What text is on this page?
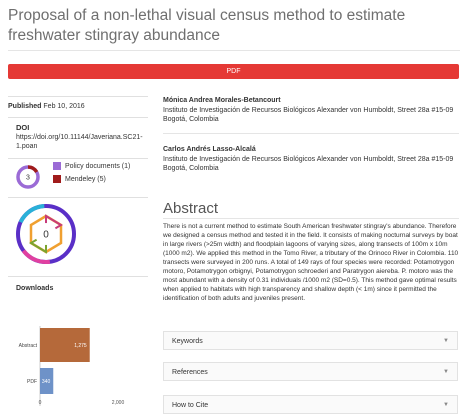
Proposal of a non-lethal visual census method to estimate freshwater stingray abundance
PDF
Published Feb 10, 2016
DOI
https://doi.org/10.11144/Javeriana.SC21-1.poan
3
Policy documents (1)
Mendeley (5)
0
Downloads
Abstract	1,275
PDF 340
0	2,000
Mónica Andrea Morales-Betancourt
Instituto de Investigación de Recursos Biológicos Alexander von Humboldt, Street 28a #15-09 Bogotá, Colombia
Carlos Andrés Lasso-Alcalá
Instituto de Investigación de Recursos Biológicos Alexander von Humboldt, Street 28a #15-09 Bogotá, Colombia
Abstract

There is not a current method to estimate South American freshwater stingray's abundance. Therefore we designed a census method and tested it in the field. It consists of making nocturnal surveys by boat in large rivers (>25m width) and floodplain lagoons of varying sizes, along transects of 100m x 10m (1000 m2). We applied this method in the Tomo River, a tributary of the Orinoco River in Colombia. 110 transects were surveyed in 200 runs. A total of 149 rays of four species were recorded: Potamotrygon motoro, Potamotrygon orbignyi, Potamotrygon schroederi and Paratrygon aiereba. P. motoro was the most abundant with a density of 0.31 individuals /1000 m2 (SD=0.5). This method gave optimal results when applied to habitats with high transparency and shallow depth (< 1m) since it permitted the identification of both adults and juveniles present.

Keywords	▼
References	▼
How to Cite	▼
